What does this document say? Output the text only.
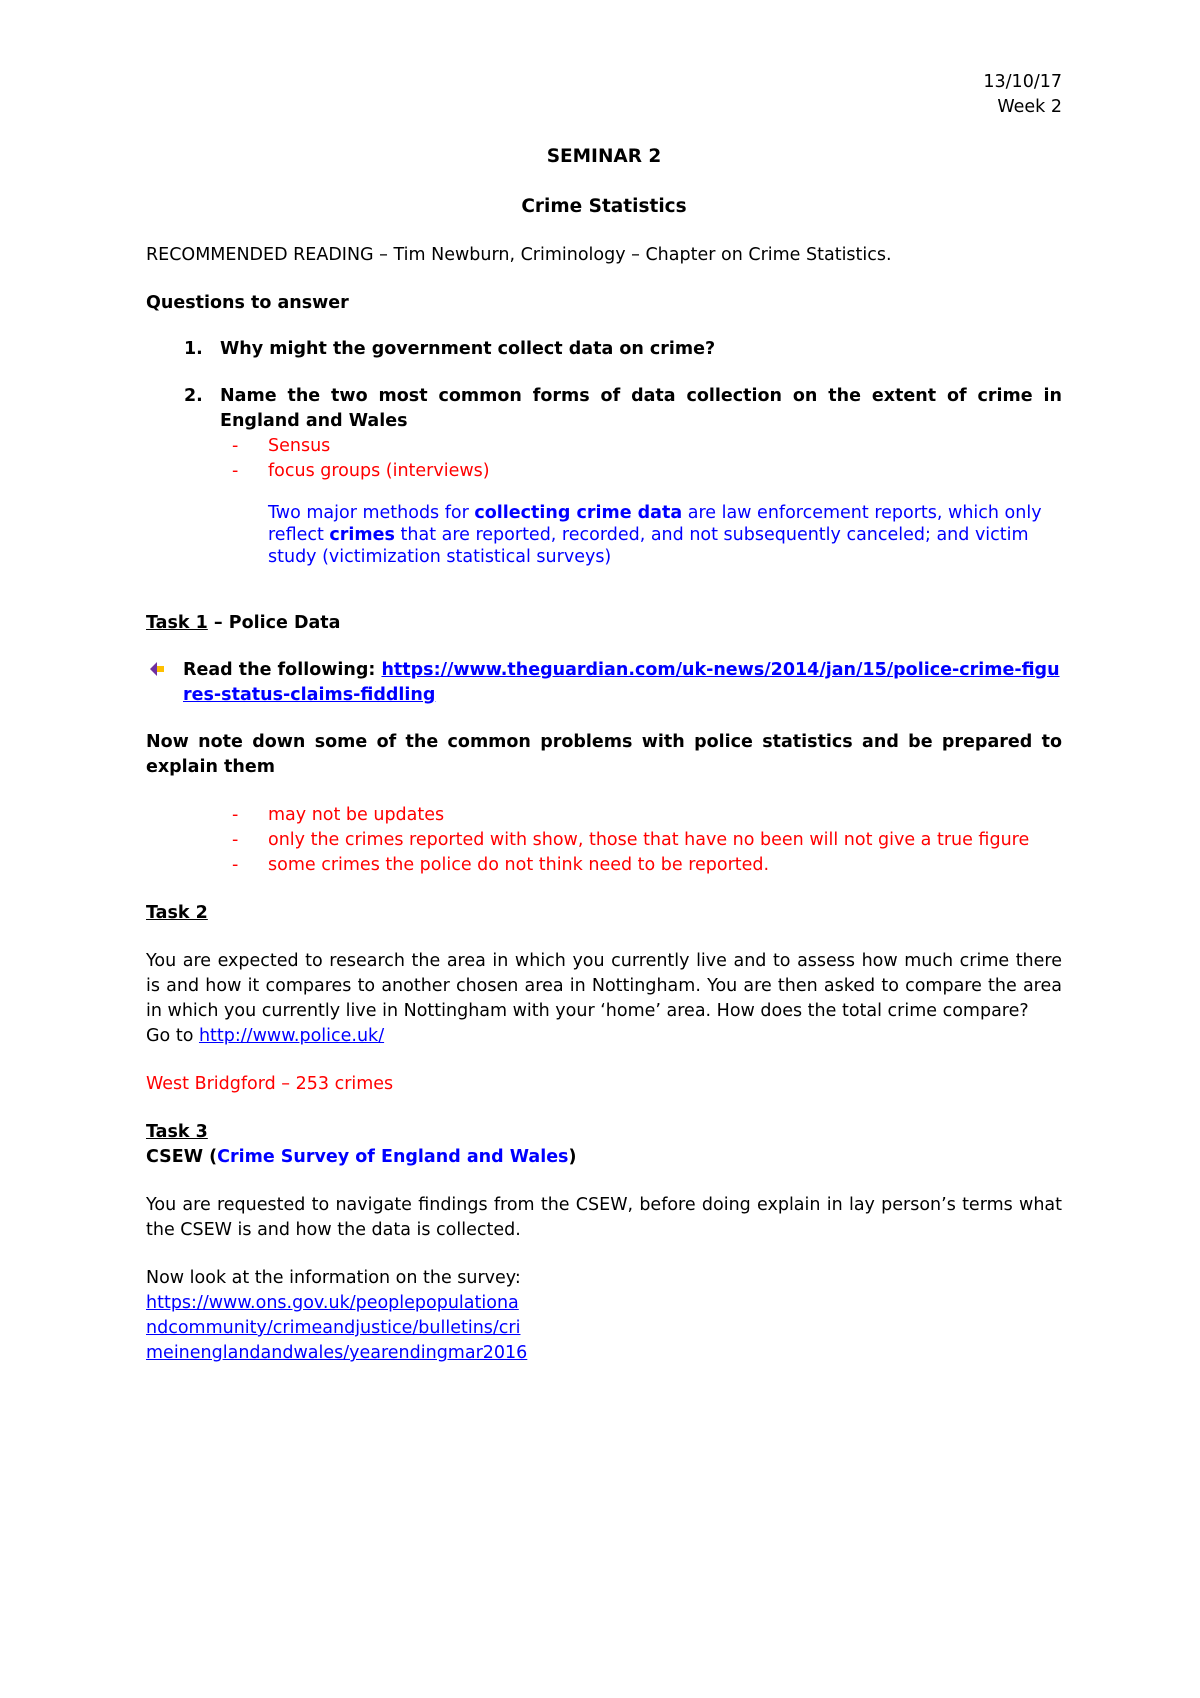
13/10/17

Week 2

SEMINAR 2

Crime Statistics

RECOMMENDED READING – Tim Newburn, Criminology – Chapter on Crime Statistics.

Questions to answer

1. Why might the government collect data on crime?
2. Name the two most common forms of data collection on the extent of crime in England and Wales
- Sensus
- focus groups (interviews)

Two major methods for collecting crime data are law enforcement reports, which only reflect crimes that are reported, recorded, and not subsequently canceled; and victim study (victimization statistical surveys)

Task 1 – Police Data

Read the following: https://www.theguardian.com/uk-news/2014/jan/15/police-crime-figures-status-claims-fiddling

Now note down some of the common problems with police statistics and be prepared to explain them

- may not be updates
- only the crimes reported with show, those that have no been will not give a true figure
- some crimes the police do not think need to be reported.

Task 2

You are expected to research the area in which you currently live and to assess how much crime there is and how it compares to another chosen area in Nottingham. You are then asked to compare the area in which you currently live in Nottingham with your ‘home’ area. How does the total crime compare?

Go to http://www.police.uk/

West Bridgford – 253 crimes

Task 3

CSEW (Crime Survey of England and Wales)

You are requested to navigate findings from the CSEW, before doing explain in lay person’s terms what the CSEW is and how the data is collected.

Now look at the information on the survey:

https://www.ons.gov.uk/peoplepopulationa

ndcommunity/crimeandjustice/bulletins/cri

meinenglandandwales/yearendingmar2016
